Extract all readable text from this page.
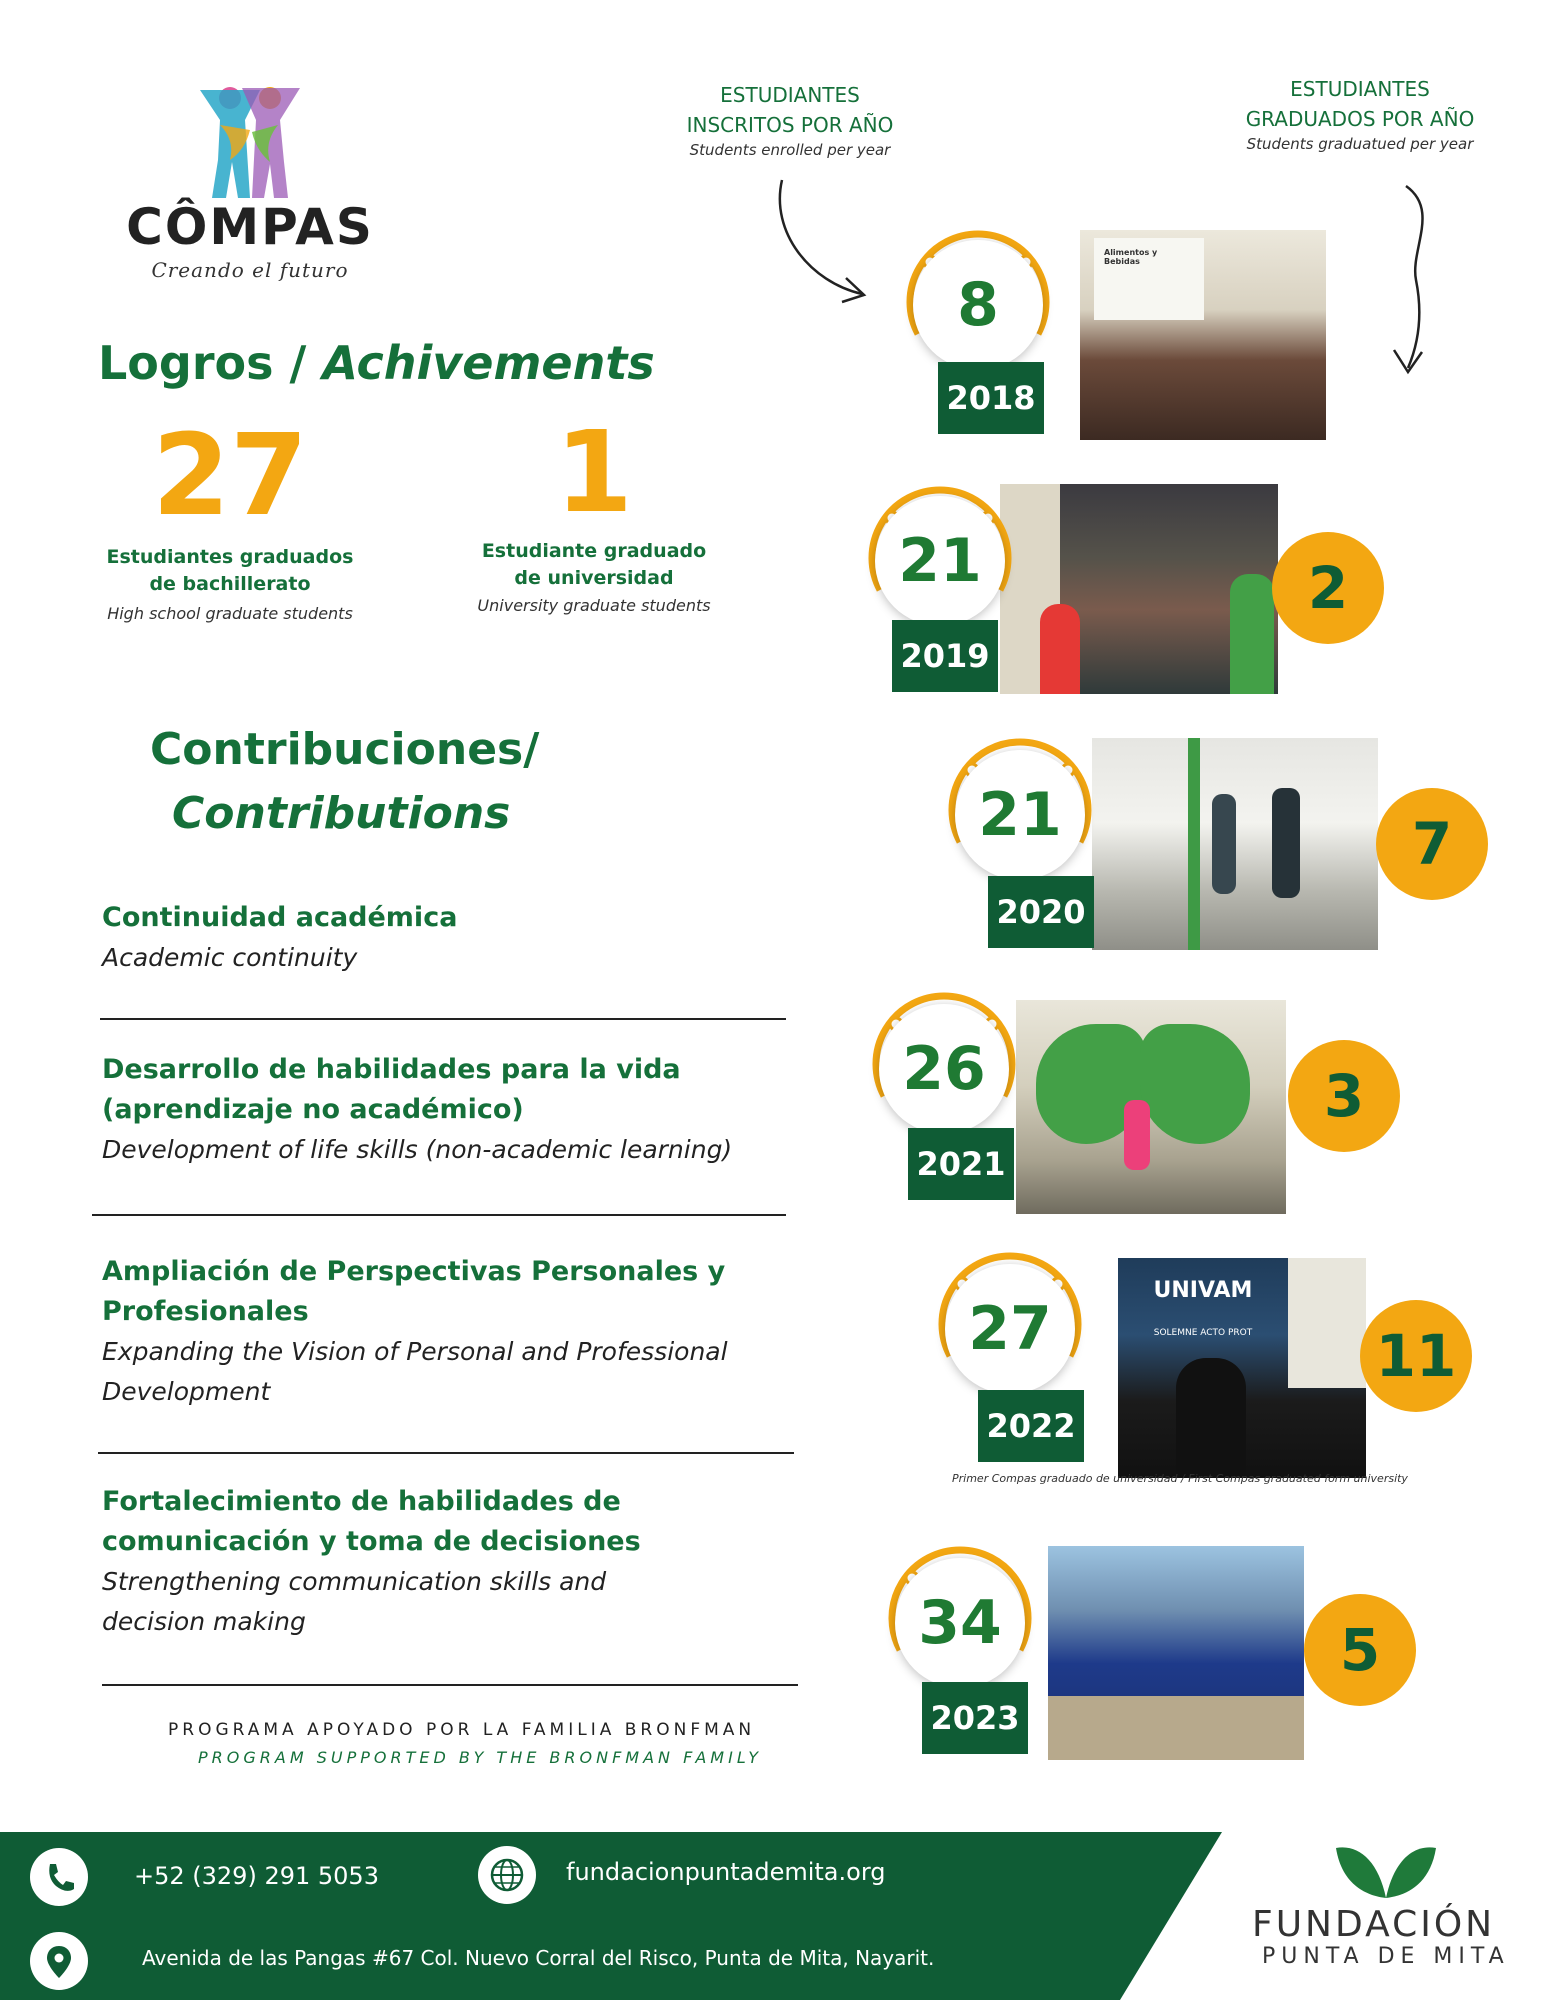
CÔMPAS
Creando el futuro
Logros / Achivements
27
Estudiantes graduados
de bachillerato
High school graduate students
1
Estudiante graduado
de universidad
University graduate students
Contribuciones/
Contributions
Continuidad académica
Academic continuity
Desarrollo de habilidades para la vida
(aprendizaje no académico)
Development of life skills (non-academic learning)
Ampliación de Perspectivas Personales y
Profesionales
Expanding the Vision of Personal and Professional
Development
Fortalecimiento de habilidades de
comunicación y toma de decisiones
Strengthening communication skills and
decision making
PROGRAMA APOYADO POR LA FAMILIA BRONFMAN
PROGRAM SUPPORTED BY THE BRONFMAN FAMILY
ESTUDIANTES
INSCRITOS POR AÑO
Students enrolled per year
ESTUDIANTES
GRADUADOS POR AÑO
Students graduatued per year
Alimentos y Bebidas
8
2018
21
2019
2
21
2020
7
26
2021
3
UNIVAM
SOLEMNE ACTO PROT
27
2022
11
Primer Compas graduado de universidad / First Compas graduated form university
34
2023
5
+52 (329) 291 5053	fundacionpuntademita.org
Avenida de las Pangas #67 Col. Nuevo Corral del Risco, Punta de Mita, Nayarit.
FUNDACIÓN
PUNTA DE MITA
